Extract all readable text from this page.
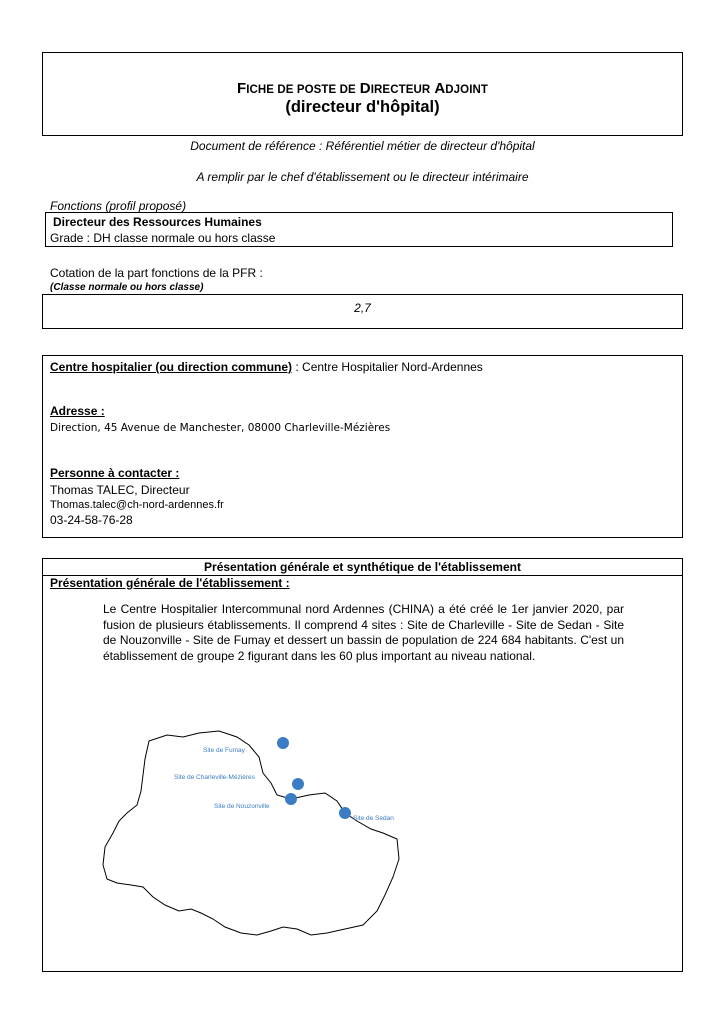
FICHE DE POSTE DE DIRECTEUR ADJOINT
(directeur d'hôpital)
Document de référence : Référentiel métier de directeur d'hôpital
A remplir par le chef d'établissement ou le directeur intérimaire
Fonctions (profil proposé)
Directeur des Ressources Humaines
Grade : DH classe normale ou hors classe
Cotation de la part fonctions de la PFR :
(Classe normale ou hors classe)
2,7
Centre hospitalier (ou direction commune) : Centre Hospitalier Nord-Ardennes
Adresse :
Direction, 45 Avenue de Manchester, 08000 Charleville-Mézières
Personne à contacter :
Thomas TALEC, Directeur
Thomas.talec@ch-nord-ardennes.fr
03-24-58-76-28
Présentation générale et synthétique de l'établissement
Présentation générale de l'établissement :
Le Centre Hospitalier Intercommunal nord Ardennes (CHINA) a été créé le 1er janvier 2020, par fusion de plusieurs établissements. Il comprend 4 sites : Site de Charleville - Site de Sedan - Site de Nouzonville - Site de Fumay et dessert un bassin de population de 224 684 habitants. C'est un établissement de groupe 2 figurant dans les 60 plus important au niveau national.
Site de Fumay
Site de Charleville-Mézières
Site de Nouzonville
Site de Sedan
